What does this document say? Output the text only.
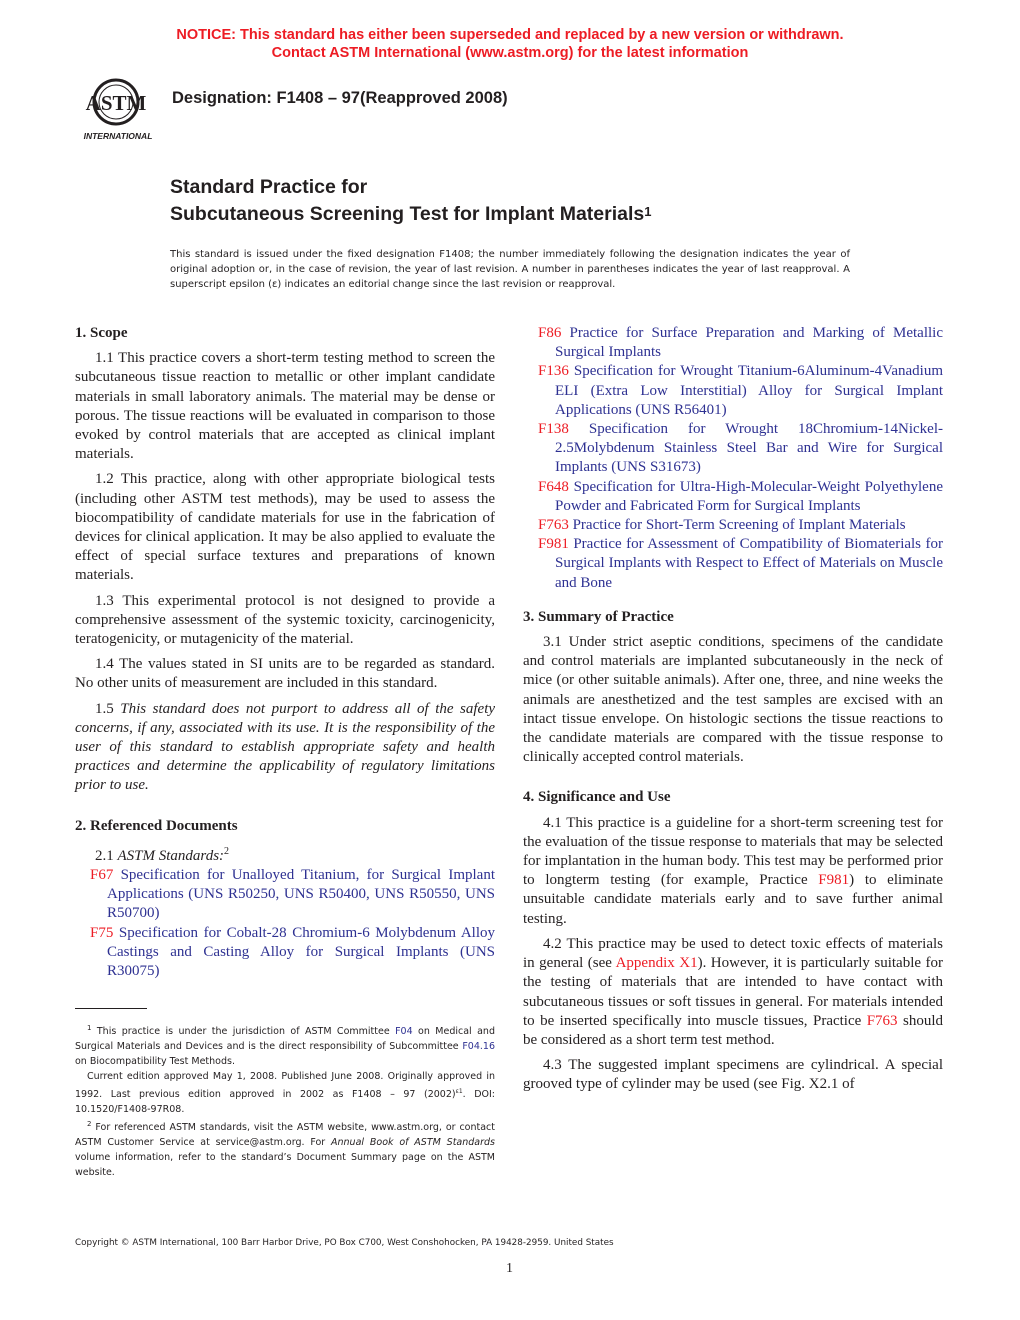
NOTICE: This standard has either been superseded and replaced by a new version or withdrawn.
Contact ASTM International (www.astm.org) for the latest information
ASTM
INTERNATIONAL
Designation: F1408 – 97(Reapproved 2008)
Standard Practice for
Subcutaneous Screening Test for Implant Materials$^1$
This standard is issued under the fixed designation F1408; the number immediately following the designation indicates the year of original adoption or, in the case of revision, the year of last revision. A number in parentheses indicates the year of last reapproval. A superscript epsilon (ε) indicates an editorial change since the last revision or reapproval.
1. Scope
1.1 This practice covers a short-term testing method to screen the subcutaneous tissue reaction to metallic or other implant candidate materials in small laboratory animals. The material may be dense or porous. The tissue reactions will be evaluated in comparison to those evoked by control materials that are accepted as clinical implant materials.
1.2 This practice, along with other appropriate biological tests (including other ASTM test methods), may be used to assess the biocompatibility of candidate materials for use in the fabrication of devices for clinical application. It may be also applied to evaluate the effect of special surface textures and preparations of known materials.
1.3 This experimental protocol is not designed to provide a comprehensive assessment of the systemic toxicity, carcinogenicity, teratogenicity, or mutagenicity of the material.
1.4 The values stated in SI units are to be regarded as standard. No other units of measurement are included in this standard.
1.5 This standard does not purport to address all of the safety concerns, if any, associated with its use. It is the responsibility of the user of this standard to establish appropriate safety and health practices and determine the applicability of regulatory limitations prior to use.
2. Referenced Documents
2.1 ASTM Standards:$^2$
F67 Specification for Unalloyed Titanium, for Surgical Implant Applications (UNS R50250, UNS R50400, UNS R50550, UNS R50700)
F75 Specification for Cobalt-28 Chromium-6 Molybdenum Alloy Castings and Casting Alloy for Surgical Implants (UNS R30075)
F86 Practice for Surface Preparation and Marking of Metallic Surgical Implants
F136 Specification for Wrought Titanium-6Aluminum-4Vanadium ELI (Extra Low Interstitial) Alloy for Surgical Implant Applications (UNS R56401)
F138 Specification for Wrought 18Chromium-14Nickel-2.5Molybdenum Stainless Steel Bar and Wire for Surgical Implants (UNS S31673)
F648 Specification for Ultra-High-Molecular-Weight Polyethylene Powder and Fabricated Form for Surgical Implants
F763 Practice for Short-Term Screening of Implant Materials
F981 Practice for Assessment of Compatibility of Biomaterials for Surgical Implants with Respect to Effect of Materials on Muscle and Bone
3. Summary of Practice
3.1 Under strict aseptic conditions, specimens of the candidate and control materials are implanted subcutaneously in the neck of mice (or other suitable animals). After one, three, and nine weeks the animals are anesthetized and the test samples are excised with an intact tissue envelope. On histologic sections the tissue reactions to the candidate materials are compared with the tissue response to clinically accepted control materials.
4. Significance and Use
4.1 This practice is a guideline for a short-term screening test for the evaluation of the tissue response to materials that may be selected for implantation in the human body. This test may be performed prior to longterm testing (for example, Practice F981) to eliminate unsuitable candidate materials early and to save further animal testing.
4.2 This practice may be used to detect toxic effects of materials in general (see Appendix X1). However, it is particularly suitable for the testing of materials that are intended to have contact with subcutaneous tissues or soft tissues in general. For materials intended to be inserted specifically into muscle tissues, Practice F763 should be considered as a short term test method.
4.3 The suggested implant specimens are cylindrical. A special grooved type of cylinder may be used (see Fig. X2.1 of

$^1$ This practice is under the jurisdiction of ASTM Committee F04 on Medical and Surgical Materials and Devices and is the direct responsibility of Subcommittee F04.16 on Biocompatibility Test Methods.

Current edition approved May 1, 2008. Published June 2008. Originally approved in 1992. Last previous edition approved in 2002 as F1408 – 97 $(2002)^{\varepsilon 1}$. DOI: 10.1520/F1408-97R08.

$^2$ For referenced ASTM standards, visit the ASTM website, www.astm.org, or contact ASTM Customer Service at service@astm.org. For Annual Book of ASTM Standards volume information, refer to the standard’s Document Summary page on the ASTM website.

Copyright © ASTM International, 100 Barr Harbor Drive, PO Box C700, West Conshohocken, PA 19428-2959. United States
1
